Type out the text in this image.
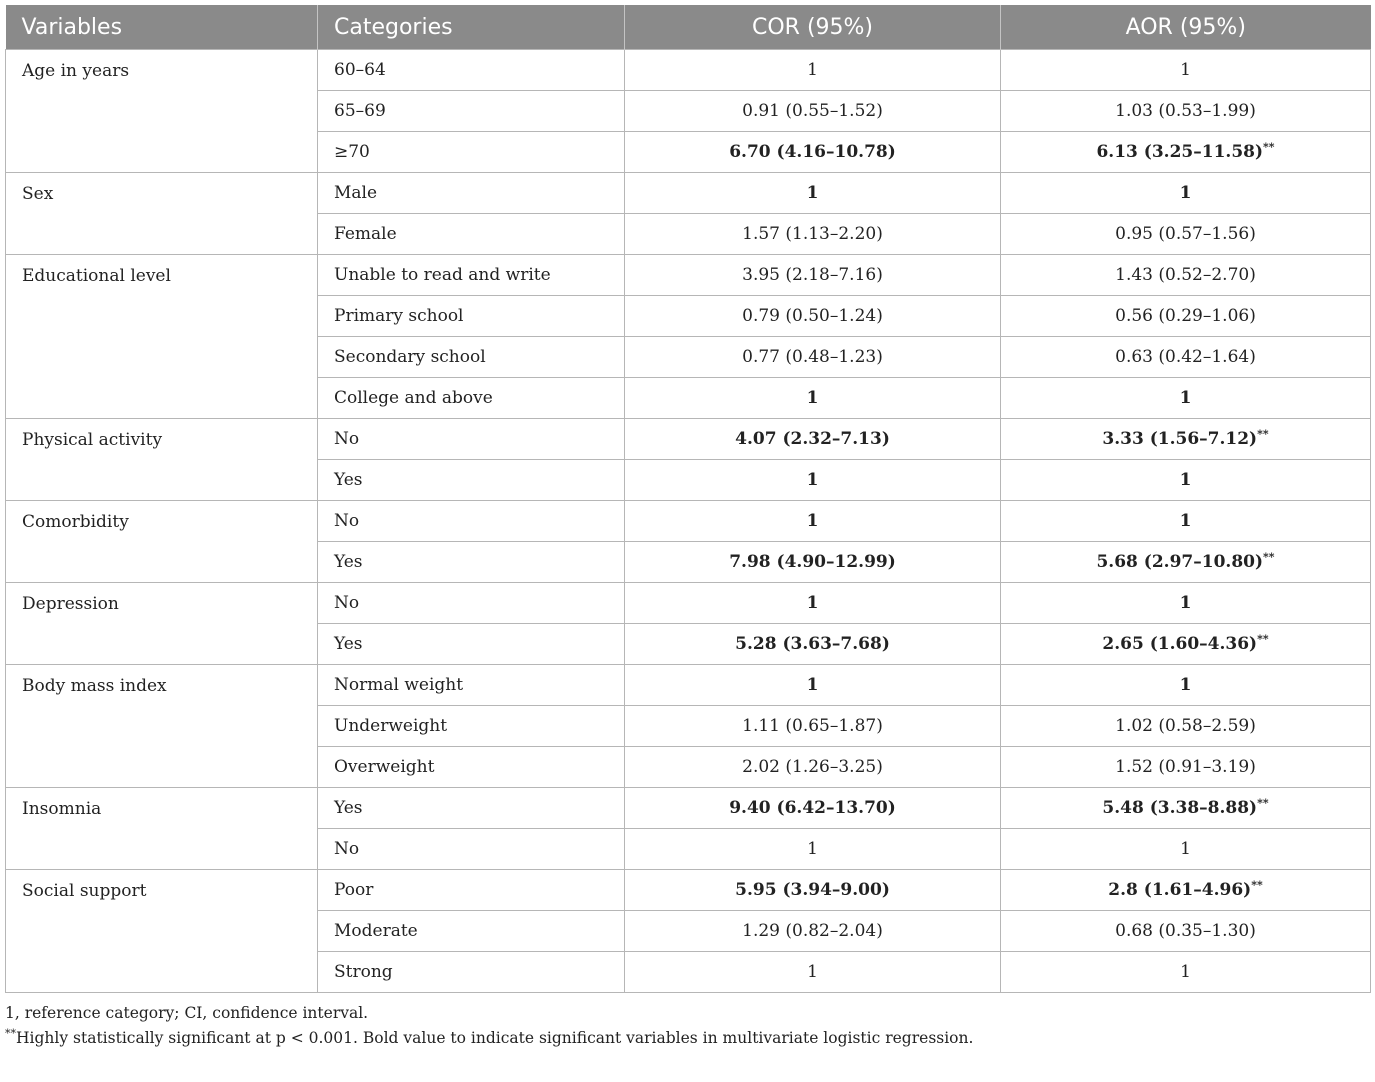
Variables	Categories	COR (95%)	AOR (95%)
Age in years	60–64	1	1
	65–69	0.91 (0.55–1.52)	1.03 (0.53–1.99)
	≥70	6.70 (4.16–10.78)	6.13 (3.25–11.58)**
Sex	Male	1	1
	Female	1.57 (1.13–2.20)	0.95 (0.57–1.56)
Educational level	Unable to read and write	3.95 (2.18–7.16)	1.43 (0.52–2.70)
	Primary school	0.79 (0.50–1.24)	0.56 (0.29–1.06)
	Secondary school	0.77 (0.48–1.23)	0.63 (0.42–1.64)
	College and above	1	1
Physical activity	No	4.07 (2.32–7.13)	3.33 (1.56–7.12)**
	Yes	1	1
Comorbidity	No	1	1
	Yes	7.98 (4.90–12.99)	5.68 (2.97–10.80)**
Depression	No	1	1
	Yes	5.28 (3.63–7.68)	2.65 (1.60–4.36)**
Body mass index	Normal weight	1	1
	Underweight	1.11 (0.65–1.87)	1.02 (0.58–2.59)
	Overweight	2.02 (1.26–3.25)	1.52 (0.91–3.19)
Insomnia	Yes	9.40 (6.42–13.70)	5.48 (3.38–8.88)**
	No	1	1
Social support	Poor	5.95 (3.94–9.00)	2.8 (1.61–4.96)**
	Moderate	1.29 (0.82–2.04)	0.68 (0.35–1.30)
	Strong	1	1
1, reference category; CI, confidence interval.
**Highly statistically significant at p < 0.001. Bold value to indicate significant variables in multivariate logistic regression.
